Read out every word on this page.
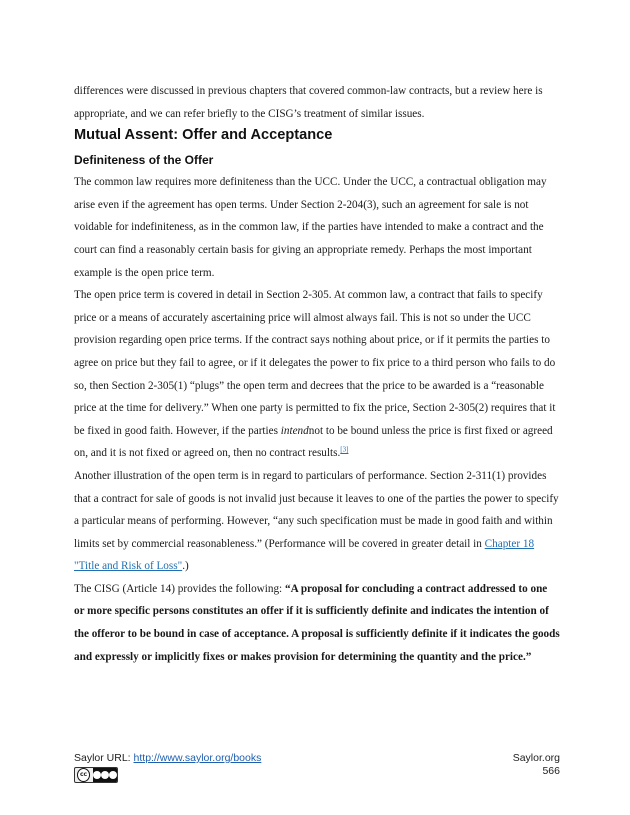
differences were discussed in previous chapters that covered common-law contracts, but a review here is appropriate, and we can refer briefly to the CISG’s treatment of similar issues.

Mutual Assent: Offer and Acceptance
Definiteness of the Offer

The common law requires more definiteness than the UCC. Under the UCC, a contractual obligation may arise even if the agreement has open terms. Under Section 2-204(3), such an agreement for sale is not voidable for indefiniteness, as in the common law, if the parties have intended to make a contract and the court can find a reasonably certain basis for giving an appropriate remedy. Perhaps the most important example is the open price term.

The open price term is covered in detail in Section 2-305. At common law, a contract that fails to specify price or a means of accurately ascertaining price will almost always fail. This is not so under the UCC provision regarding open price terms. If the contract says nothing about price, or if it permits the parties to agree on price but they fail to agree, or if it delegates the power to fix price to a third person who fails to do so, then Section 2-305(1) “plugs” the open term and decrees that the price to be awarded is a “reasonable price at the time for delivery.” When one party is permitted to fix the price, Section 2-305(2) requires that it be fixed in good faith. However, if the parties intendnot to be bound unless the price is first fixed or agreed on, and it is not fixed or agreed on, then no contract results.[3]

Another illustration of the open term is in regard to particulars of performance. Section 2-311(1) provides that a contract for sale of goods is not invalid just because it leaves to one of the parties the power to specify a particular means of performing. However, “any such specification must be made in good faith and within limits set by commercial reasonableness.” (Performance will be covered in greater detail in Chapter 18 "Title and Risk of Loss".)

The CISG (Article 14) provides the following: “A proposal for concluding a contract addressed to one or more specific persons constitutes an offer if it is sufficiently definite and indicates the intention of the offeror to be bound in case of acceptance. A proposal is sufficiently definite if it indicates the goods and expressly or implicitly fixes or makes provision for determining the quantity and the price.”

Saylor URL: http://www.saylor.org/books
cc
Saylor.org
566
